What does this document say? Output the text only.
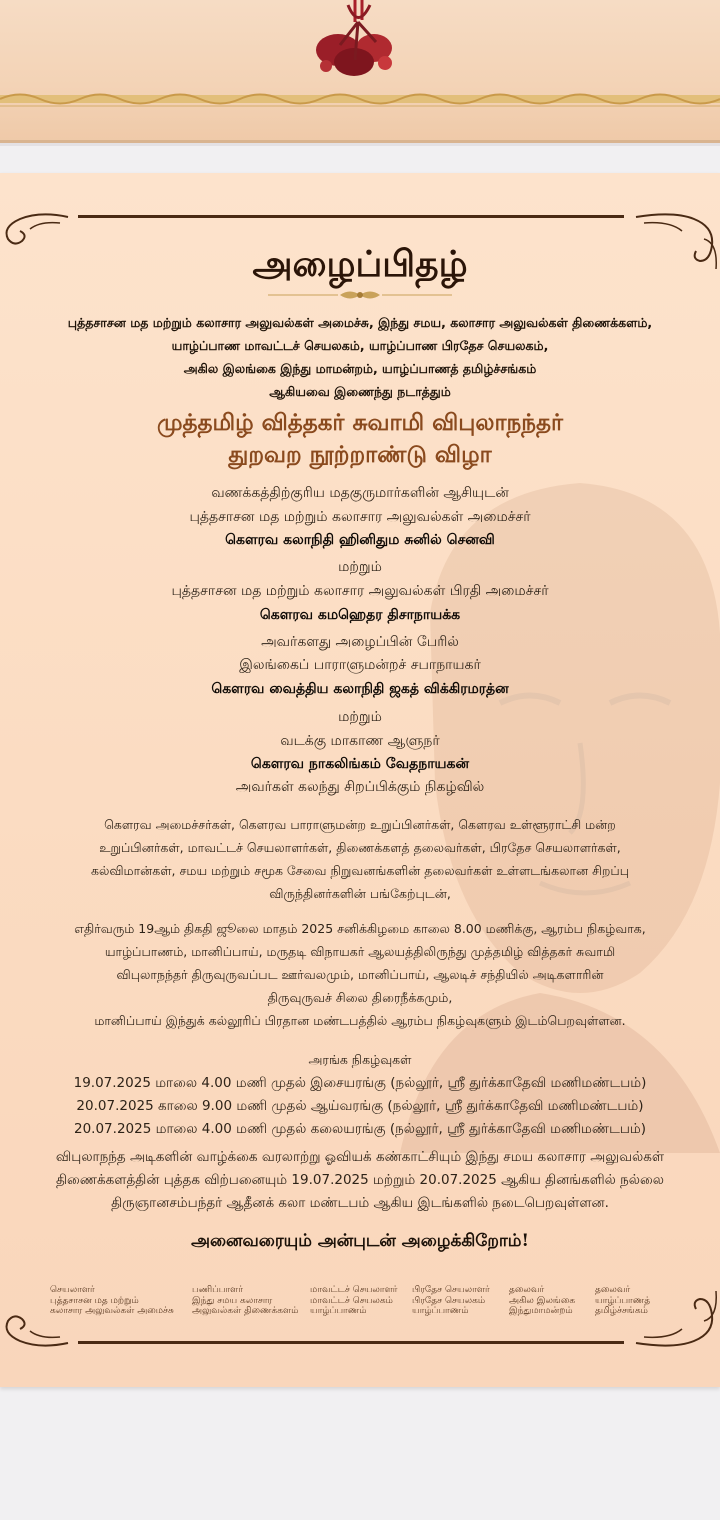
அழைப்பிதழ்
புத்தசாசன மத மற்றும் கலாசார அலுவல்கள் அமைச்சு, இந்து சமய, கலாசார அலுவல்கள் திணைக்களம்,
யாழ்ப்பாண மாவட்டச் செயலகம், யாழ்ப்பாண பிரதேச செயலகம்,
அகில இலங்கை இந்து மாமன்றம், யாழ்ப்பாணத் தமிழ்ச்சங்கம்
ஆகியவை இணைந்து நடாத்தும்
முத்தமிழ் வித்தகர் சுவாமி விபுலாநந்தர்
துறவற நூற்றாண்டு விழா
வணக்கத்திற்குரிய மதகுருமார்களின் ஆசியுடன்
புத்தசாசன மத மற்றும் கலாசார அலுவல்கள் அமைச்சர்
கௌரவ கலாநிதி ஹினிதும சுனில் செனவி
மற்றும்
புத்தசாசன மத மற்றும் கலாசார அலுவல்கள் பிரதி அமைச்சர்
கௌரவ கமஹெதர திசாநாயக்க
அவர்களது அழைப்பின் பேரில்
இலங்கைப் பாராளுமன்றச் சபாநாயகர்
கௌரவ வைத்திய கலாநிதி ஜகத் விக்கிரமரத்ன
மற்றும்
வடக்கு மாகாண ஆளுநர்
கௌரவ நாகலிங்கம் வேதநாயகன்
அவர்கள் கலந்து சிறப்பிக்கும் நிகழ்வில்
கௌரவ அமைச்சர்கள், கௌரவ பாராளுமன்ற உறுப்பினர்கள், கௌரவ உள்ளூராட்சி மன்ற
உறுப்பினர்கள், மாவட்டச் செயலாளர்கள், திணைக்களத் தலைவர்கள், பிரதேச செயலாளர்கள்,
கல்விமான்கள், சமய மற்றும் சமூக சேவை நிறுவனங்களின் தலைவர்கள் உள்ளடங்கலான சிறப்பு
விருந்தினர்களின் பங்கேற்புடன்,
எதிர்வரும் 19ஆம் திகதி ஜூலை மாதம் 2025 சனிக்கிழமை காலை 8.00 மணிக்கு, ஆரம்ப நிகழ்வாக,
யாழ்ப்பாணம், மானிப்பாய், மருதடி விநாயகர் ஆலயத்திலிருந்து முத்தமிழ் வித்தகர் சுவாமி
விபுலாநந்தர் திருவுருவப்பட ஊர்வலமும், மானிப்பாய், ஆலடிச் சந்தியில் அடிகளாரின்
திருவுருவச் சிலை திரைநீக்கமும்,
மானிப்பாய் இந்துக் கல்லூரிப் பிரதான மண்டபத்தில் ஆரம்ப நிகழ்வுகளும் இடம்பெறவுள்ளன.
அரங்க நிகழ்வுகள்
19.07.2025 மாலை 4.00 மணி முதல் இசையரங்கு (நல்லூர், ஸ்ரீ துர்க்காதேவி மணிமண்டபம்)
20.07.2025 காலை 9.00 மணி முதல் ஆய்வரங்கு (நல்லூர், ஸ்ரீ துர்க்காதேவி மணிமண்டபம்)
20.07.2025 மாலை 4.00 மணி முதல் கலையரங்கு (நல்லூர், ஸ்ரீ துர்க்காதேவி மணிமண்டபம்)
விபுலாநந்த அடிகளின் வாழ்க்கை வரலாற்று ஓவியக் கண்காட்சியும் இந்து சமய கலாசார அலுவல்கள்
திணைக்களத்தின் புத்தக விற்பனையும் 19.07.2025 மற்றும் 20.07.2025 ஆகிய தினங்களில் நல்லை
திருஞானசம்பந்தர் ஆதீனக் கலா மண்டபம் ஆகிய இடங்களில் நடைபெறவுள்ளன.
அனைவரையும் அன்புடன் அழைக்கிறோம்!
செயலாளர்
புத்தசாசன மத மற்றும்
கலாசார அலுவல்கள் அமைச்சு
பணிப்பாளர்
இந்து சமய கலாசார
அலுவல்கள் திணைக்களம்
மாவட்டச் செயலாளர்
மாவட்டச் செயலகம்
யாழ்ப்பாணம்
பிரதேச செயலாளர்
பிரதேச செயலகம்
யாழ்ப்பாணம்
தலைவர்
அகில இலங்கை
இந்துமாமன்றம்
தலைவர்
யாழ்ப்பாணத்
தமிழ்ச்சங்கம்
